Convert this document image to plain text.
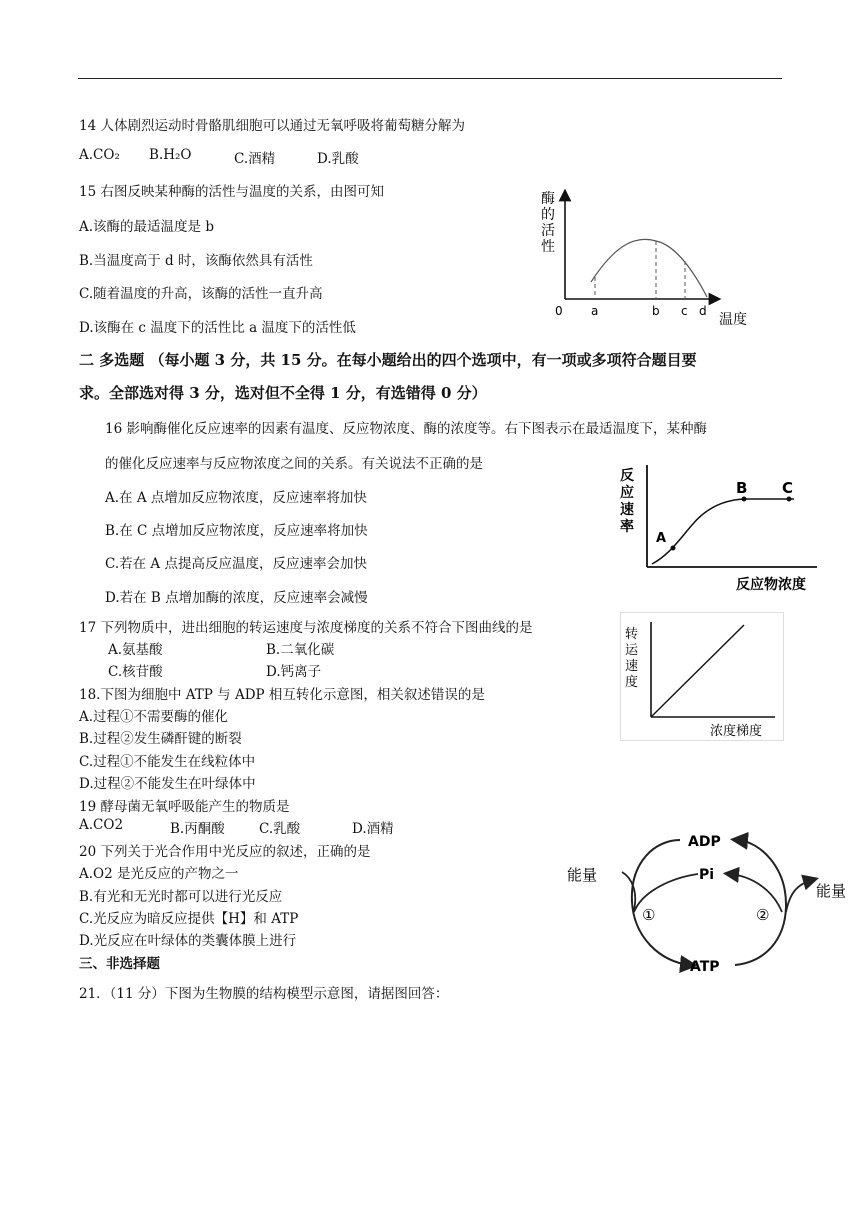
14 人体剧烈运动时骨骼肌细胞可以通过无氧呼吸将葡萄糖分解为
A.CO₂ B.H₂O	C.酒精	D.乳酸
15 右图反映某种酶的活性与温度的关系，由图可知
A.该酶的最适温度是 b
B.当温度高于 d 时，该酶依然具有活性
C.随着温度的升高，该酶的活性一直升高
D.该酶在 c 温度下的活性比 a 温度下的活性低
酶
的
活
性
0 a	b c d
温度
二 多选题 （每小题 3 分，共 15 分。在每小题给出的四个选项中，有一项或多项符合题目要
求。全部选对得 3 分，选对但不全得 1 分，有选错得 0 分）
16 影响酶催化反应速率的因素有温度、反应物浓度、酶的浓度等。右下图表示在最适温度下，某种酶
的催化反应速率与反应物浓度之间的关系。有关说法不正确的是
A.在 A 点增加反应物浓度，反应速率将加快
B.在 C 点增加反应物浓度，反应速率将加快
C.若在 A 点提高反应温度，反应速率会加快
D.若在 B 点增加酶的浓度，反应速率会减慢
反
应
速
率
A
B C
反应物浓度
17 下列物质中，进出细胞的转运速度与浓度梯度的关系不符合下图曲线的是
A.氨基酸	B.二氧化碳
C.核苷酸	D.钙离子
转
运
速
度
浓度梯度
18.下图为细胞中 ATP 与 ADP 相互转化示意图，相关叙述错误的是
A.过程①不需要酶的催化
B.过程②发生磷酐键的断裂
C.过程①不能发生在线粒体中
D.过程②不能发生在叶绿体中
19 酵母菌无氧呼吸能产生的物质是
A.CO2	B.丙酮酸	C.乳酸	D.酒精
20 下列关于光合作用中光反应的叙述，正确的是
A.O2 是光反应的产物之一
B.有光和无光时都可以进行光反应
C.光反应为暗反应提供【H】和 ATP
D.光反应在叶绿体的类囊体膜上进行
ADP
Pi
ATP
能量
能量
①	②
三、非选择题
21．（11 分）下图为生物膜的结构模型示意图，请据图回答：
